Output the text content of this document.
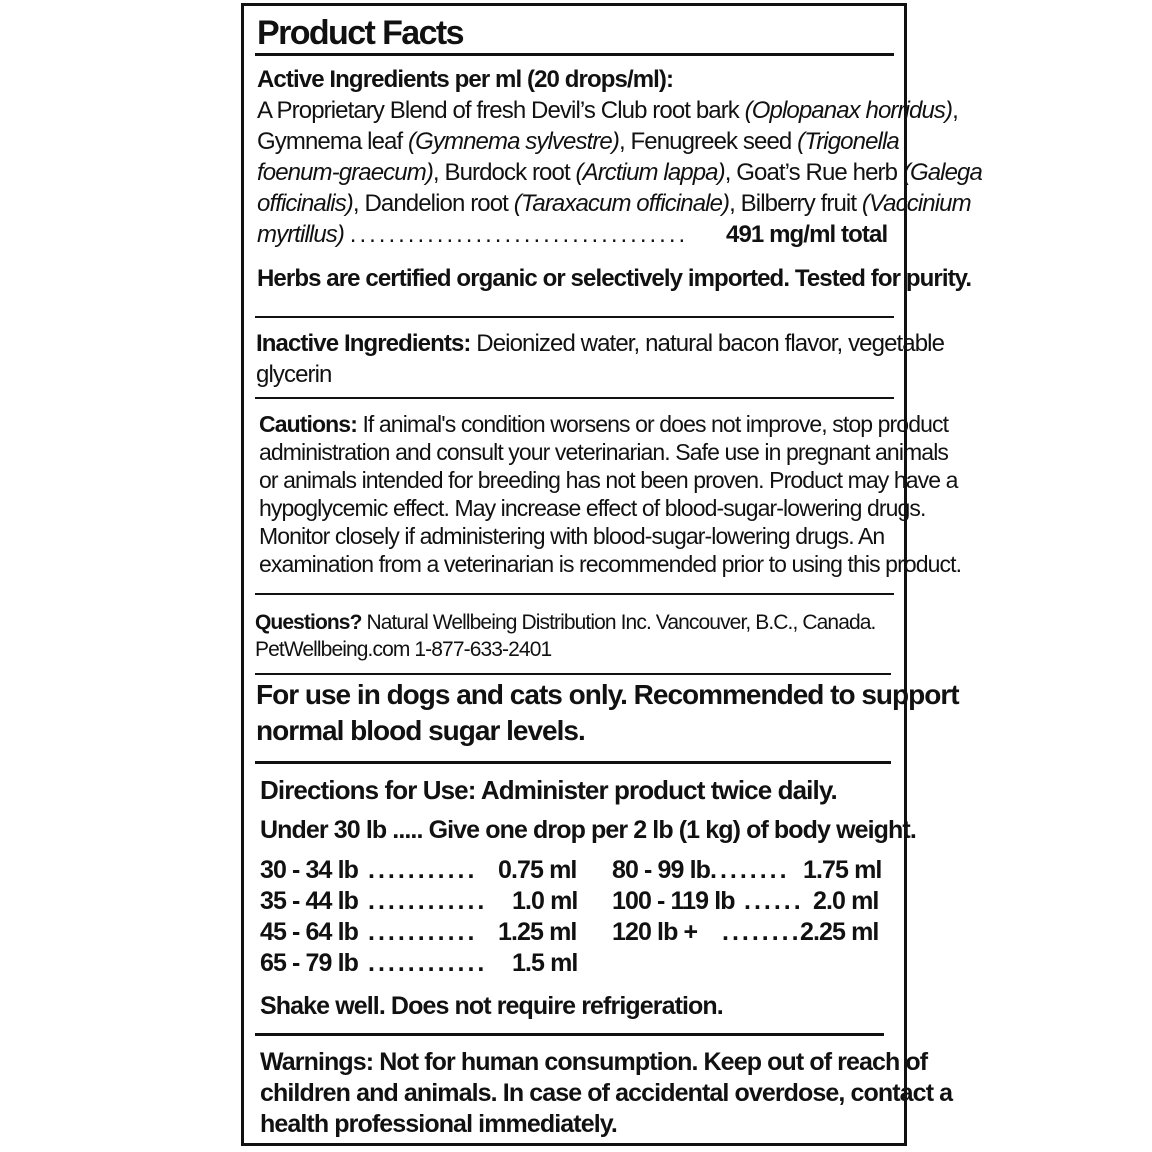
Product Facts
Active Ingredients per ml (20 drops/ml):
A Proprietary Blend of fresh Devil’s Club root bark (Oplopanax horridus),
Gymnema leaf (Gymnema sylvestre), Fenugreek seed (Trigonella
foenum-graecum), Burdock root (Arctium lappa), Goat’s Rue herb (Galega
officinalis), Dandelion root (Taraxacum officinale), Bilberry fruit (Vaccinium
myrtillus) ................................... 491 mg/ml total
Herbs are certified organic or selectively imported. Tested for purity.
Inactive Ingredients: Deionized water, natural bacon flavor, vegetable
glycerin
Cautions: If animal's condition worsens or does not improve, stop product
administration and consult your veterinarian. Safe use in pregnant animals
or animals intended for breeding has not been proven. Product may have a
hypoglycemic effect. May increase effect of blood-sugar-lowering drugs.
Monitor closely if administering with blood-sugar-lowering drugs. An
examination from a veterinarian is recommended prior to using this product.
Questions? Natural Wellbeing Distribution Inc. Vancouver, B.C., Canada.
PetWellbeing.com 1-877-633-2401
For use in dogs and cats only. Recommended to support
normal blood sugar levels.
Directions for Use: Administer product twice daily.
Under 30 lb ..... Give one drop per 2 lb (1 kg) of body weight.
30 - 34 lb ........... 0.75 ml
35 - 44 lb ............ 1.0 ml
45 - 64 lb ........... 1.25 ml
65 - 79 lb ............ 1.5 ml
80 - 99 lb ........ 1.75 ml
100 - 119 lb ...... 2.0 ml
120 lb + ........
2.25 ml
Shake well. Does not require refrigeration.
Warnings: Not for human consumption. Keep out of reach of
children and animals. In case of accidental overdose, contact a
health professional immediately.
